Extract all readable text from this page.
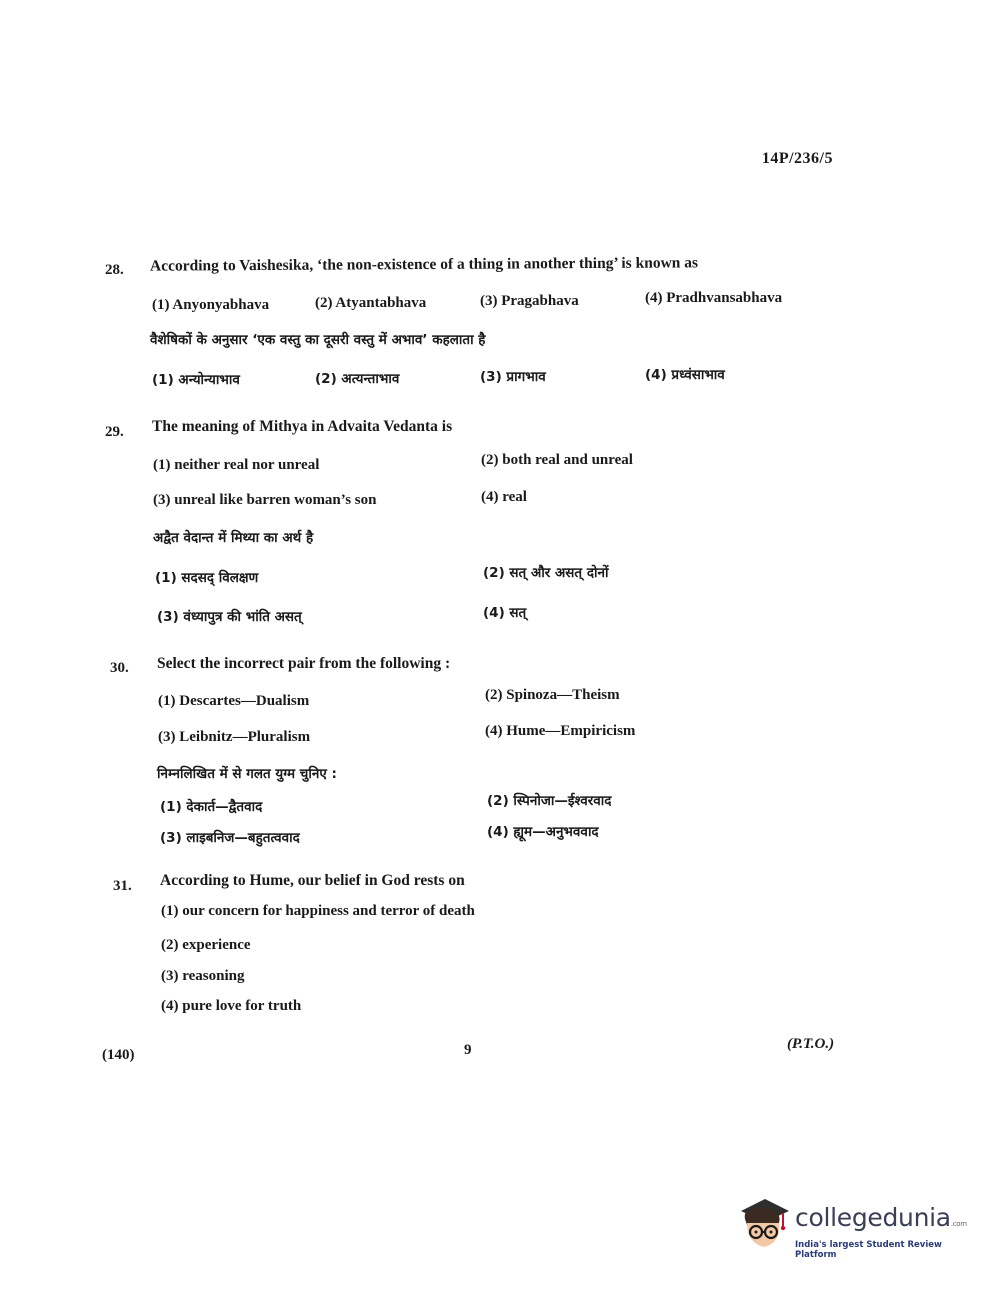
14P/236/5
28. According to Vaishesika, ‘the non-existence of a thing in another thing’ is known as
(1) Anyonyabhava	(2) Atyantabhava	(3) Pragabhava	(4) Pradhvansabhava
वैशेषिकों के अनुसार ‘एक वस्तु का दूसरी वस्तु में अभाव’ कहलाता है
(1) अन्योन्याभाव	(2) अत्यन्ताभाव	(3) प्रागभाव	(4) प्रध्वंसाभाव
29. The meaning of Mithya in Advaita Vedanta is
(1) neither real nor unreal	(2) both real and unreal
(3) unreal like barren woman’s son	(4) real
अद्वैत वेदान्त में मिथ्या का अर्थ है
(1) सदसद् विलक्षण	(2) सत् और असत् दोनों
(3) वंध्यापुत्र की भांति असत्	(4) सत्
30. Select the incorrect pair from the following :
(1) Descartes—Dualism	(2) Spinoza—Theism
(3) Leibnitz—Pluralism	(4) Hume—Empiricism
निम्नलिखित में से गलत युग्म चुनिए :
(1) देकार्त—द्वैतवाद	(2) स्पिनोजा—ईश्वरवाद
(3) लाइबनिज—बहुतत्ववाद	(4) ह्यूम—अनुभववाद
31. According to Hume, our belief in God rests on
(1) our concern for happiness and terror of death
(2) experience
(3) reasoning
(4) pure love for truth
(140)	9	(P.T.O.)
collegedunia.com
India's largest Student Review Platform
